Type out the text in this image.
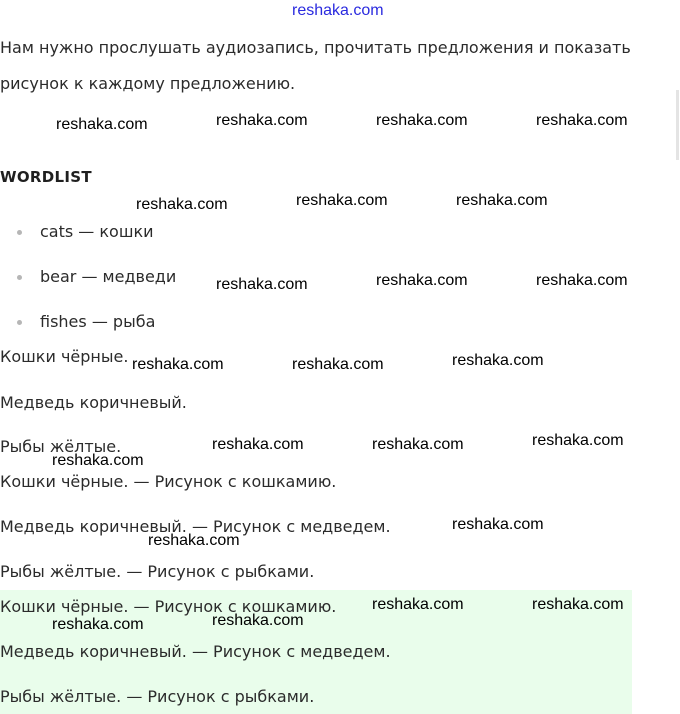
reshaka.com
Нам нужно прослушать аудиозапись, прочитать предложения и показать рисунок к каждому предложению.
WORDLIST
cats — кошки
bear — медведи
fishes — рыба
Кошки чёрные.
Медведь коричневый.
Рыбы жёлтые.
Кошки чёрные. — Рисунок с кошкамию.
Медведь коричневый. — Рисунок с медведем.
Рыбы жёлтые. — Рисунок с рыбками.
Кошки чёрные. — Рисунок с кошкамию.
Медведь коричневый. — Рисунок с медведем.
Рыбы жёлтые. — Рисунок с рыбками.
reshaka.com	reshaka.com	reshaka.com	reshaka.com
reshaka.com	reshaka.com	reshaka.com
reshaka.com	reshaka.com	reshaka.com
reshaka.com	reshaka.com	reshaka.com
reshaka.com	reshaka.com	reshaka.com
reshaka.com
reshaka.com
reshaka.com
reshaka.com	reshaka.com
reshaka.com
reshaka.com
